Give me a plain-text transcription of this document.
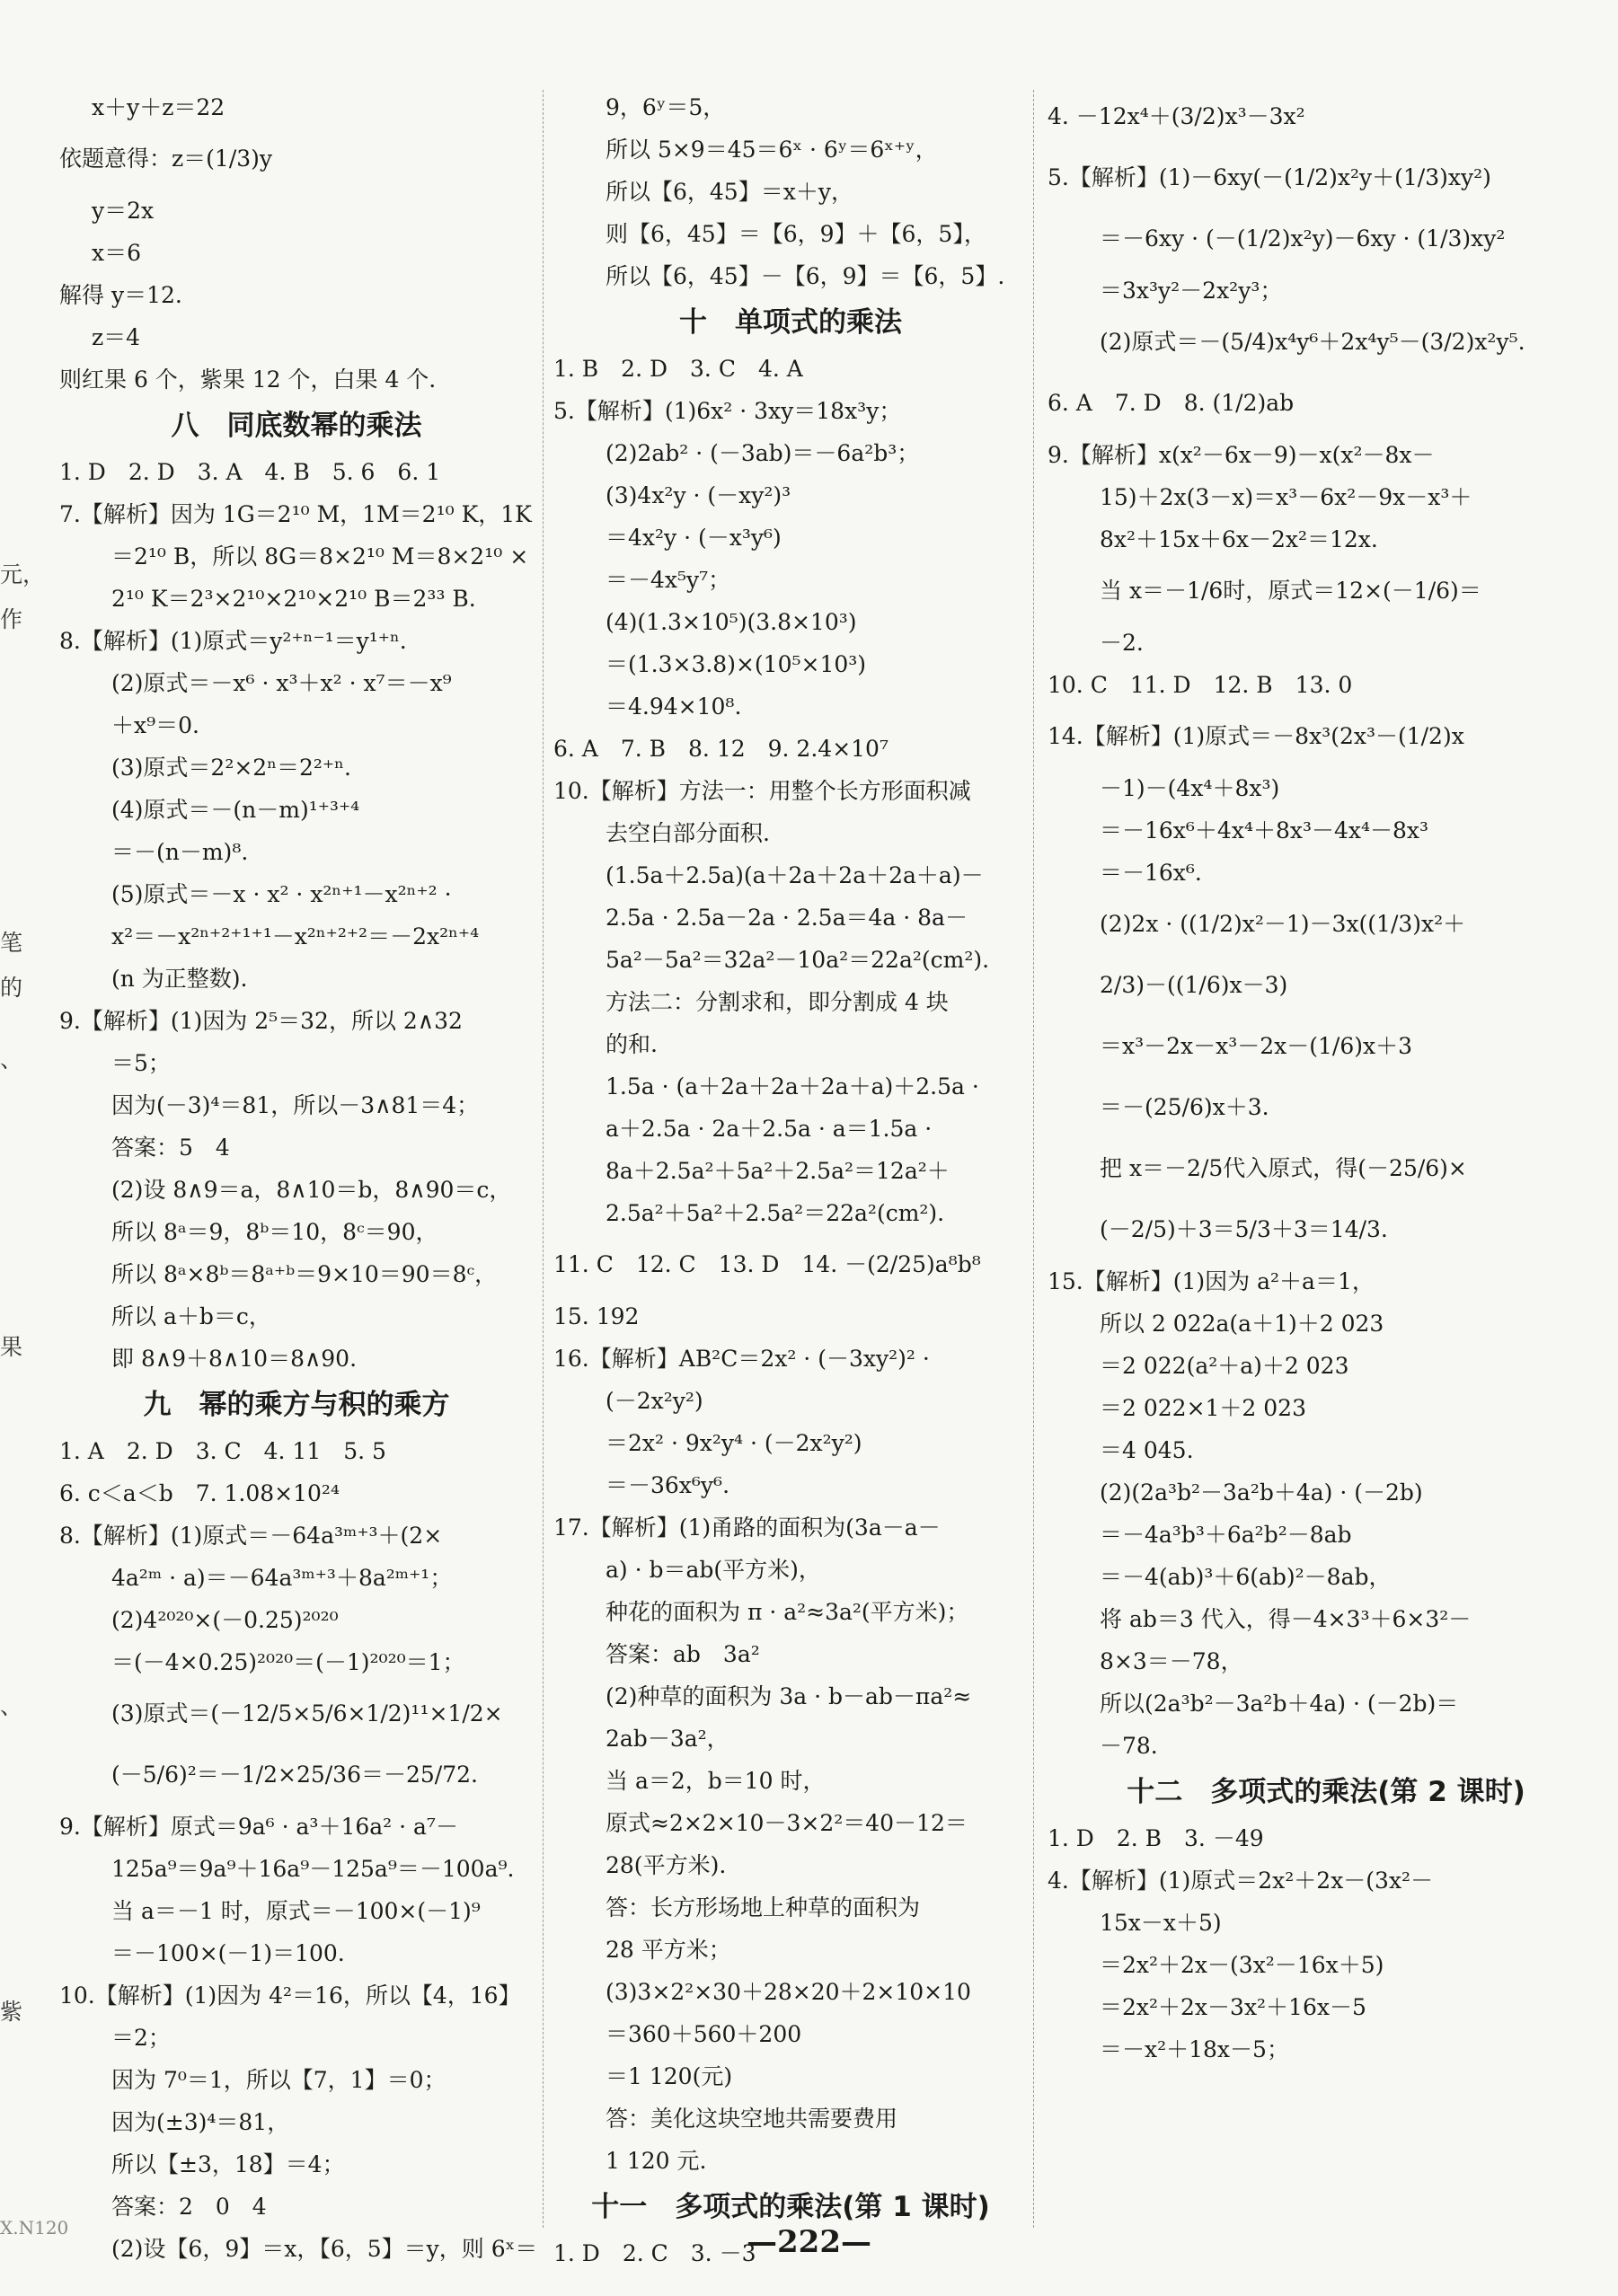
元，
作
笔
的
、
果
、
紫
X.N120
x＋y＋z＝22
依题意得：z＝(1/3)y
y＝2x
x＝6
解得 y＝12.
z＝4
则红果 6 个，紫果 12 个，白果 4 个.
八　同底数幂的乘法
1. D　2. D　3. A　4. B　5. 6　6. 1
7.【解析】因为 1G＝2¹⁰ M，1M＝2¹⁰ K，1K
＝2¹⁰ B，所以 8G＝8×2¹⁰ M＝8×2¹⁰ ×
2¹⁰ K＝2³×2¹⁰×2¹⁰×2¹⁰ B＝2³³ B.
8.【解析】(1)原式＝y²⁺ⁿ⁻¹＝y¹⁺ⁿ.
(2)原式＝－x⁶ · x³＋x² · x⁷＝－x⁹
＋x⁹＝0.
(3)原式＝2²×2ⁿ＝2²⁺ⁿ.
(4)原式＝－(n－m)¹⁺³⁺⁴
＝－(n－m)⁸.
(5)原式＝－x · x² · x²ⁿ⁺¹－x²ⁿ⁺² ·
x²＝－x²ⁿ⁺²⁺¹⁺¹－x²ⁿ⁺²⁺²＝－2x²ⁿ⁺⁴
(n 为正整数).
9.【解析】(1)因为 2⁵＝32，所以 2∧32
＝5；
因为(－3)⁴＝81，所以－3∧81＝4；
答案：5　4
(2)设 8∧9＝a，8∧10＝b，8∧90＝c，
所以 8ᵃ＝9，8ᵇ＝10，8ᶜ＝90，
所以 8ᵃ×8ᵇ＝8ᵃ⁺ᵇ＝9×10＝90＝8ᶜ，
所以 a＋b＝c，
即 8∧9＋8∧10＝8∧90.
九　幂的乘方与积的乘方
1. A　2. D　3. C　4. 11　5. 5
6. c＜a＜b　7. 1.08×10²⁴
8.【解析】(1)原式＝－64a³ᵐ⁺³＋(2×
4a²ᵐ · a)＝－64a³ᵐ⁺³＋8a²ᵐ⁺¹；
(2)4²⁰²⁰×(－0.25)²⁰²⁰
＝(－4×0.25)²⁰²⁰＝(－1)²⁰²⁰＝1；
(3)原式＝(－12/5×5/6×1/2)¹¹×1/2×
(－5/6)²＝－1/2×25/36＝－25/72.
9.【解析】原式＝9a⁶ · a³＋16a² · a⁷－
125a⁹＝9a⁹＋16a⁹－125a⁹＝－100a⁹.
当 a＝－1 时，原式＝－100×(－1)⁹
＝－100×(－1)＝100.
10.【解析】(1)因为 4²＝16，所以【4，16】
＝2；
因为 7⁰＝1，所以【7，1】＝0；
因为(±3)⁴＝81，
所以【±3，18】＝4；
答案：2　0　4
(2)设【6，9】＝x，【6，5】＝y，则 6ˣ＝
9，6ʸ＝5，
所以 5×9＝45＝6ˣ · 6ʸ＝6ˣ⁺ʸ，
所以【6，45】＝x＋y，
则【6，45】＝【6，9】＋【6，5】，
所以【6，45】－【6，9】＝【6，5】.
十　单项式的乘法
1. B　2. D　3. C　4. A
5.【解析】(1)6x² · 3xy＝18x³y；
(2)2ab² · (－3ab)＝－6a²b³；
(3)4x²y · (－xy²)³
＝4x²y · (－x³y⁶)
＝－4x⁵y⁷；
(4)(1.3×10⁵)(3.8×10³)
＝(1.3×3.8)×(10⁵×10³)
＝4.94×10⁸.
6. A　7. B　8. 12　9. 2.4×10⁷
10.【解析】方法一：用整个长方形面积减
去空白部分面积.
(1.5a＋2.5a)(a＋2a＋2a＋2a＋a)－
2.5a · 2.5a－2a · 2.5a＝4a · 8a－
5a²－5a²＝32a²－10a²＝22a²(cm²).
方法二：分割求和，即分割成 4 块
的和.
1.5a · (a＋2a＋2a＋2a＋a)＋2.5a ·
a＋2.5a · 2a＋2.5a · a＝1.5a ·
8a＋2.5a²＋5a²＋2.5a²＝12a²＋
2.5a²＋5a²＋2.5a²＝22a²(cm²).
11. C　12. C　13. D　14. －(2/25)a⁸b⁸
15. 192
16.【解析】AB²C＝2x² · (－3xy²)² ·
(－2x²y²)
＝2x² · 9x²y⁴ · (－2x²y²)
＝－36x⁶y⁶.
17.【解析】(1)甬路的面积为(3a－a－
a) · b＝ab(平方米)，
种花的面积为 π · a²≈3a²(平方米)；
答案：ab　3a²
(2)种草的面积为 3a · b－ab－πa²≈
2ab－3a²，
当 a＝2，b＝10 时，
原式≈2×2×10－3×2²＝40－12＝
28(平方米).
答：长方形场地上种草的面积为
28 平方米；
(3)3×2²×30＋28×20＋2×10×10
＝360＋560＋200
＝1 120(元)
答：美化这块空地共需要费用
1 120 元.
十一　多项式的乘法(第 1 课时)
1. D　2. C　3. －3
4. －12x⁴＋(3/2)x³－3x²
5.【解析】(1)－6xy(－(1/2)x²y＋(1/3)xy²)
＝－6xy · (－(1/2)x²y)－6xy · (1/3)xy²
＝3x³y²－2x²y³；
(2)原式＝－(5/4)x⁴y⁶＋2x⁴y⁵－(3/2)x²y⁵.
6. A　7. D　8. (1/2)ab
9.【解析】x(x²－6x－9)－x(x²－8x－
15)＋2x(3－x)＝x³－6x²－9x－x³＋
8x²＋15x＋6x－2x²＝12x.
当 x＝－1/6时，原式＝12×(－1/6)＝
－2.
10. C　11. D　12. B　13. 0
14.【解析】(1)原式＝－8x³(2x³－(1/2)x
－1)－(4x⁴＋8x³)
＝－16x⁶＋4x⁴＋8x³－4x⁴－8x³
＝－16x⁶.
(2)2x · ((1/2)x²－1)－3x((1/3)x²＋
2/3)－((1/6)x－3)
＝x³－2x－x³－2x－(1/6)x＋3
＝－(25/6)x＋3.
把 x＝－2/5代入原式，得(－25/6)×
(－2/5)＋3＝5/3＋3＝14/3.
15.【解析】(1)因为 a²＋a＝1，
所以 2 022a(a＋1)＋2 023
＝2 022(a²＋a)＋2 023
＝2 022×1＋2 023
＝4 045.
(2)(2a³b²－3a²b＋4a) · (－2b)
＝－4a³b³＋6a²b²－8ab
＝－4(ab)³＋6(ab)²－8ab，
将 ab＝3 代入，得－4×3³＋6×3²－
8×3＝－78，
所以(2a³b²－3a²b＋4a) · (－2b)＝
－78.
十二　多项式的乘法(第 2 课时)
1. D　2. B　3. －49
4.【解析】(1)原式＝2x²＋2x－(3x²－
15x－x＋5)
＝2x²＋2x－(3x²－16x＋5)
＝2x²＋2x－3x²＋16x－5
＝－x²＋18x－5；
—222—
